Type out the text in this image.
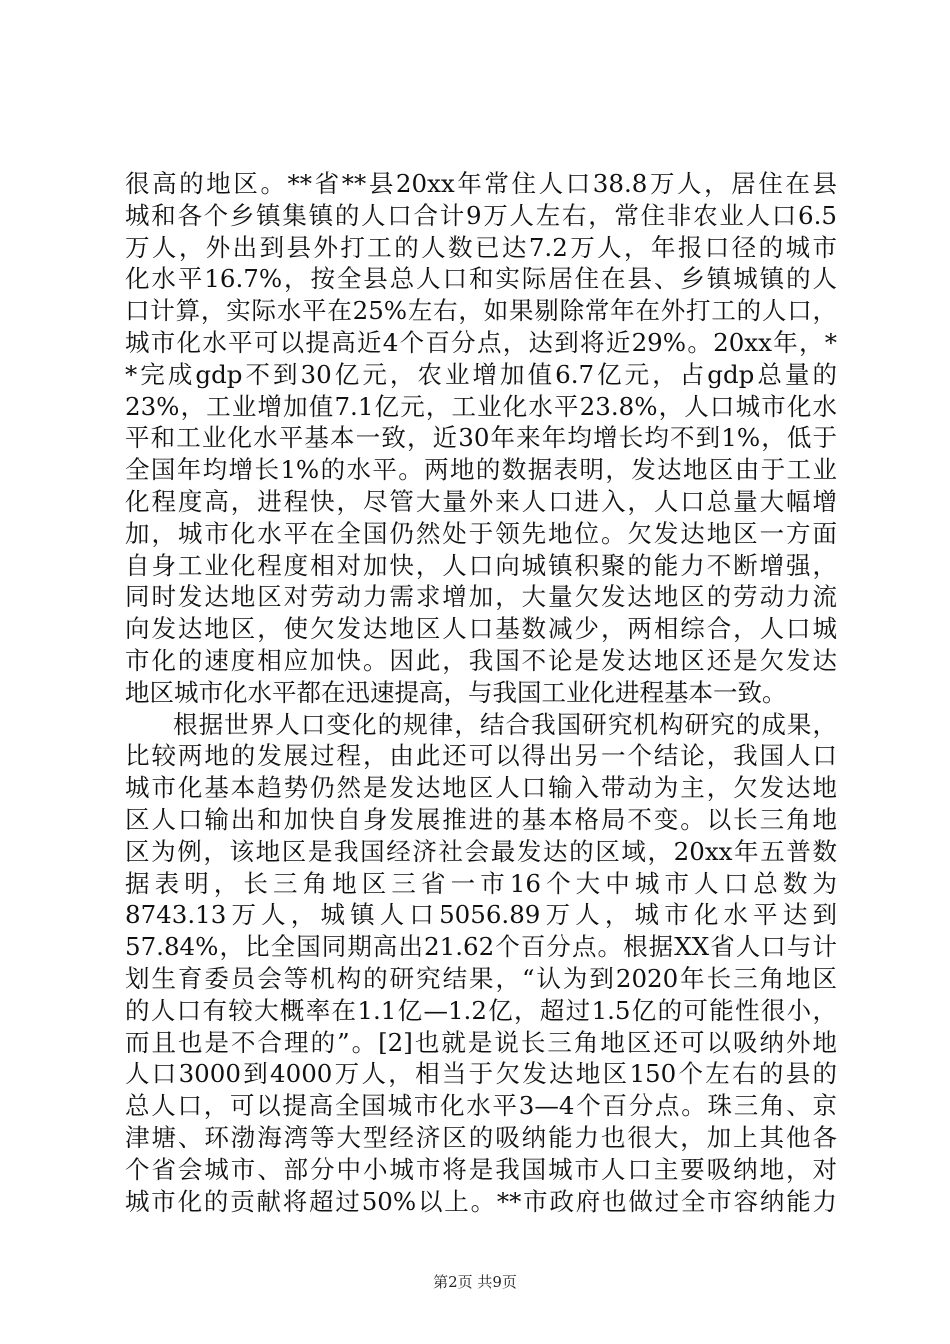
很高的地区。**省**县20xx年常住人口38.8万人，居住在县
城和各个乡镇集镇的人口合计9万人左右，常住非农业人口6.5
万人，外出到县外打工的人数已达7.2万人，年报口径的城市
化水平16.7%，按全县总人口和实际居住在县、乡镇城镇的人
口计算，实际水平在25%左右，如果剔除常年在外打工的人口，
城市化水平可以提高近4个百分点，达到将近29%。20xx年，*
*完成gdp不到30亿元，农业增加值6.7亿元，占gdp总量的
23%，工业增加值7.1亿元，工业化水平23.8%，人口城市化水
平和工业化水平基本一致，近30年来年均增长均不到1%，低于
全国年均增长1%的水平。两地的数据表明，发达地区由于工业
化程度高，进程快，尽管大量外来人口进入，人口总量大幅增
加，城市化水平在全国仍然处于领先地位。欠发达地区一方面
自身工业化程度相对加快，人口向城镇积聚的能力不断增强，
同时发达地区对劳动力需求增加，大量欠发达地区的劳动力流
向发达地区，使欠发达地区人口基数减少，两相综合，人口城
市化的速度相应加快。因此，我国不论是发达地区还是欠发达
地区城市化水平都在迅速提高，与我国工业化进程基本一致。
根据世界人口变化的规律，结合我国研究机构研究的成果，
比较两地的发展过程，由此还可以得出另一个结论，我国人口
城市化基本趋势仍然是发达地区人口输入带动为主，欠发达地
区人口输出和加快自身发展推进的基本格局不变。以长三角地
区为例，该地区是我国经济社会最发达的区域，20xx年五普数
据表明，长三角地区三省一市16个大中城市人口总数为
8743.13万人，城镇人口5056.89万人，城市化水平达到
57.84%，比全国同期高出21.62个百分点。根据XX省人口与计
划生育委员会等机构的研究结果，“认为到2020年长三角地区
的人口有较大概率在1.1亿—1.2亿，超过1.5亿的可能性很小，
而且也是不合理的”。[2]也就是说长三角地区还可以吸纳外地
人口3000到4000万人，相当于欠发达地区150个左右的县的
总人口，可以提高全国城市化水平3—4个百分点。珠三角、京
津塘、环渤海湾等大型经济区的吸纳能力也很大，加上其他各
个省会城市、部分中小城市将是我国城市人口主要吸纳地，对
城市化的贡献将超过50%以上。**市政府也做过全市容纳能力
第2页 共9页
